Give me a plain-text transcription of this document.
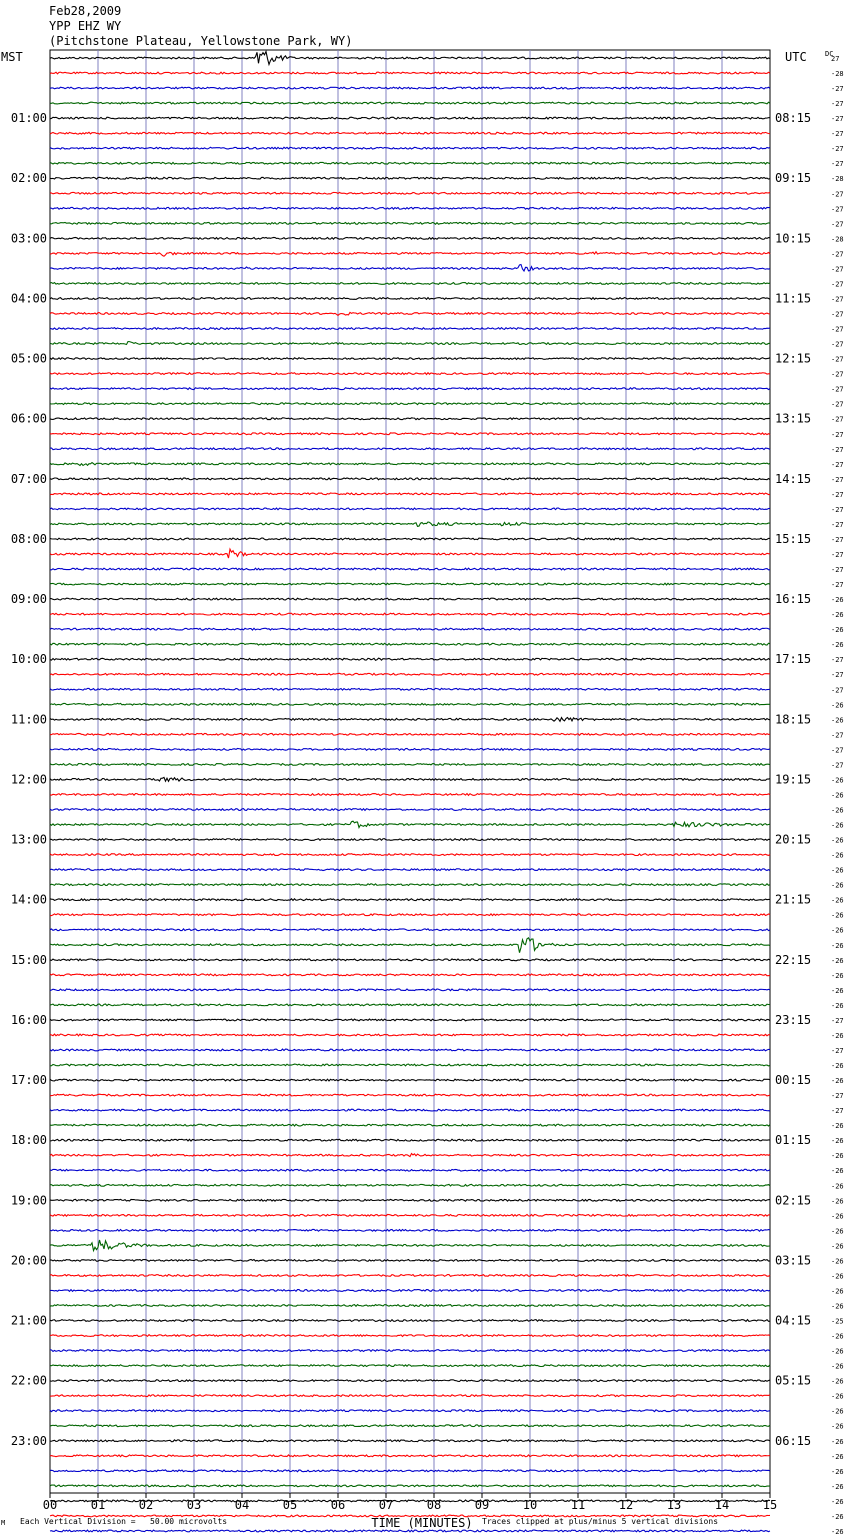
Feb28,2009
YPP EHZ WY
(Pitchstone Plateau, Yellowstone Park, WY)
MST	UTC	DC
M Each Vertical Division =   50.00 microvolts	Traces clipped at plus/minus 5 vertical divisions
27
-28
-27
-27
-27
-27
-27
-27
-28
-27
-27
-27
-28
-27
-27
-27
-27
-27
-27
-27
-27
-27
-27
-27
-27
-27
-27
-27
-27
-27
-27
-27
-27
-27
-27
-27
-26
-26
-26
-26
-27
-27
-27
-26
-26
-27
-27
-27
-26
-26
-26
-26
-26
-26
-26
-26
-26
-26
-26
-26
-26
-26
-26
-26
-27
-26
-27
-26
-26
-27
-27
-26
-26
-26
-26
-26
-26
-26
-26
-26
-26
-26
-26
-26
-25
-26
-26
-26
-26
-26
-26
-26
-26
-26
-26
-26
-26
-26
-26
01:00
02:00
03:00
04:00
05:00
06:00
07:00
08:00
09:00
10:00
11:00
12:00
13:00
14:00
15:00
16:00
17:00
18:00
19:00
20:00
21:00
22:00
23:00
08:15
09:15
10:15
11:15
12:15
13:15
14:15
15:15
16:15
17:15
18:15
19:15
20:15
21:15
22:15
23:15
00:15
01:15
02:15
03:15
04:15
05:15
06:15
00	01	02	03	04	05	06	07	08	09	10	11	12	13	14	15
TIME (MINUTES)
